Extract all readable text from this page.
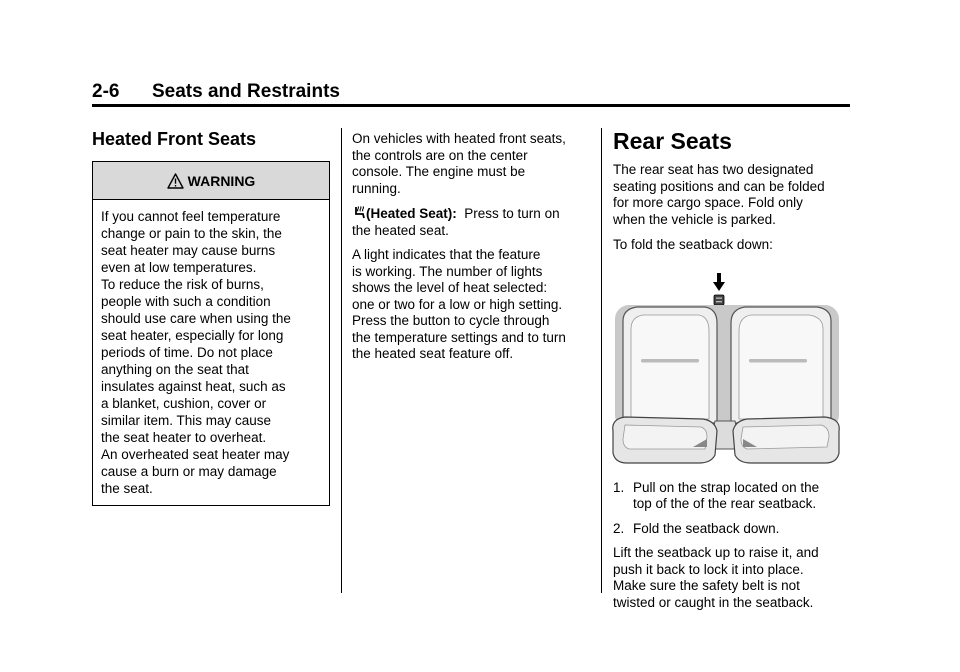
2-6 Seats and Restraints
Heated Front Seats
WARNING

If you cannot feel temperature

change or pain to the skin, the

seat heater may cause burns

even at low temperatures.

To reduce the risk of burns,

people with such a condition

should use care when using the

seat heater, especially for long

periods of time. Do not place

anything on the seat that

insulates against heat, such as

a blanket, cushion, cover or

similar item. This may cause

the seat heater to overheat.

An overheated seat heater may

cause a burn or may damage

the seat.

On vehicles with heated front seats,
the controls are on the center
console. The engine must be
running.

(Heated Seat):  Press to turn on
the heated seat.

A light indicates that the feature
is working. The number of lights
shows the level of heat selected:
one or two for a low or high setting.
Press the button to cycle through
the temperature settings and to turn
the heated seat feature off.

Rear Seats

The rear seat has two designated
seating positions and can be folded
for more cargo space. Fold only
when the vehicle is parked.

To fold the seatback down:

1. Pull on the strap located on the
top of the of the rear seatback.
2. Fold the seatback down.

Lift the seatback up to raise it, and
push it back to lock it into place.
Make sure the safety belt is not
twisted or caught in the seatback.
